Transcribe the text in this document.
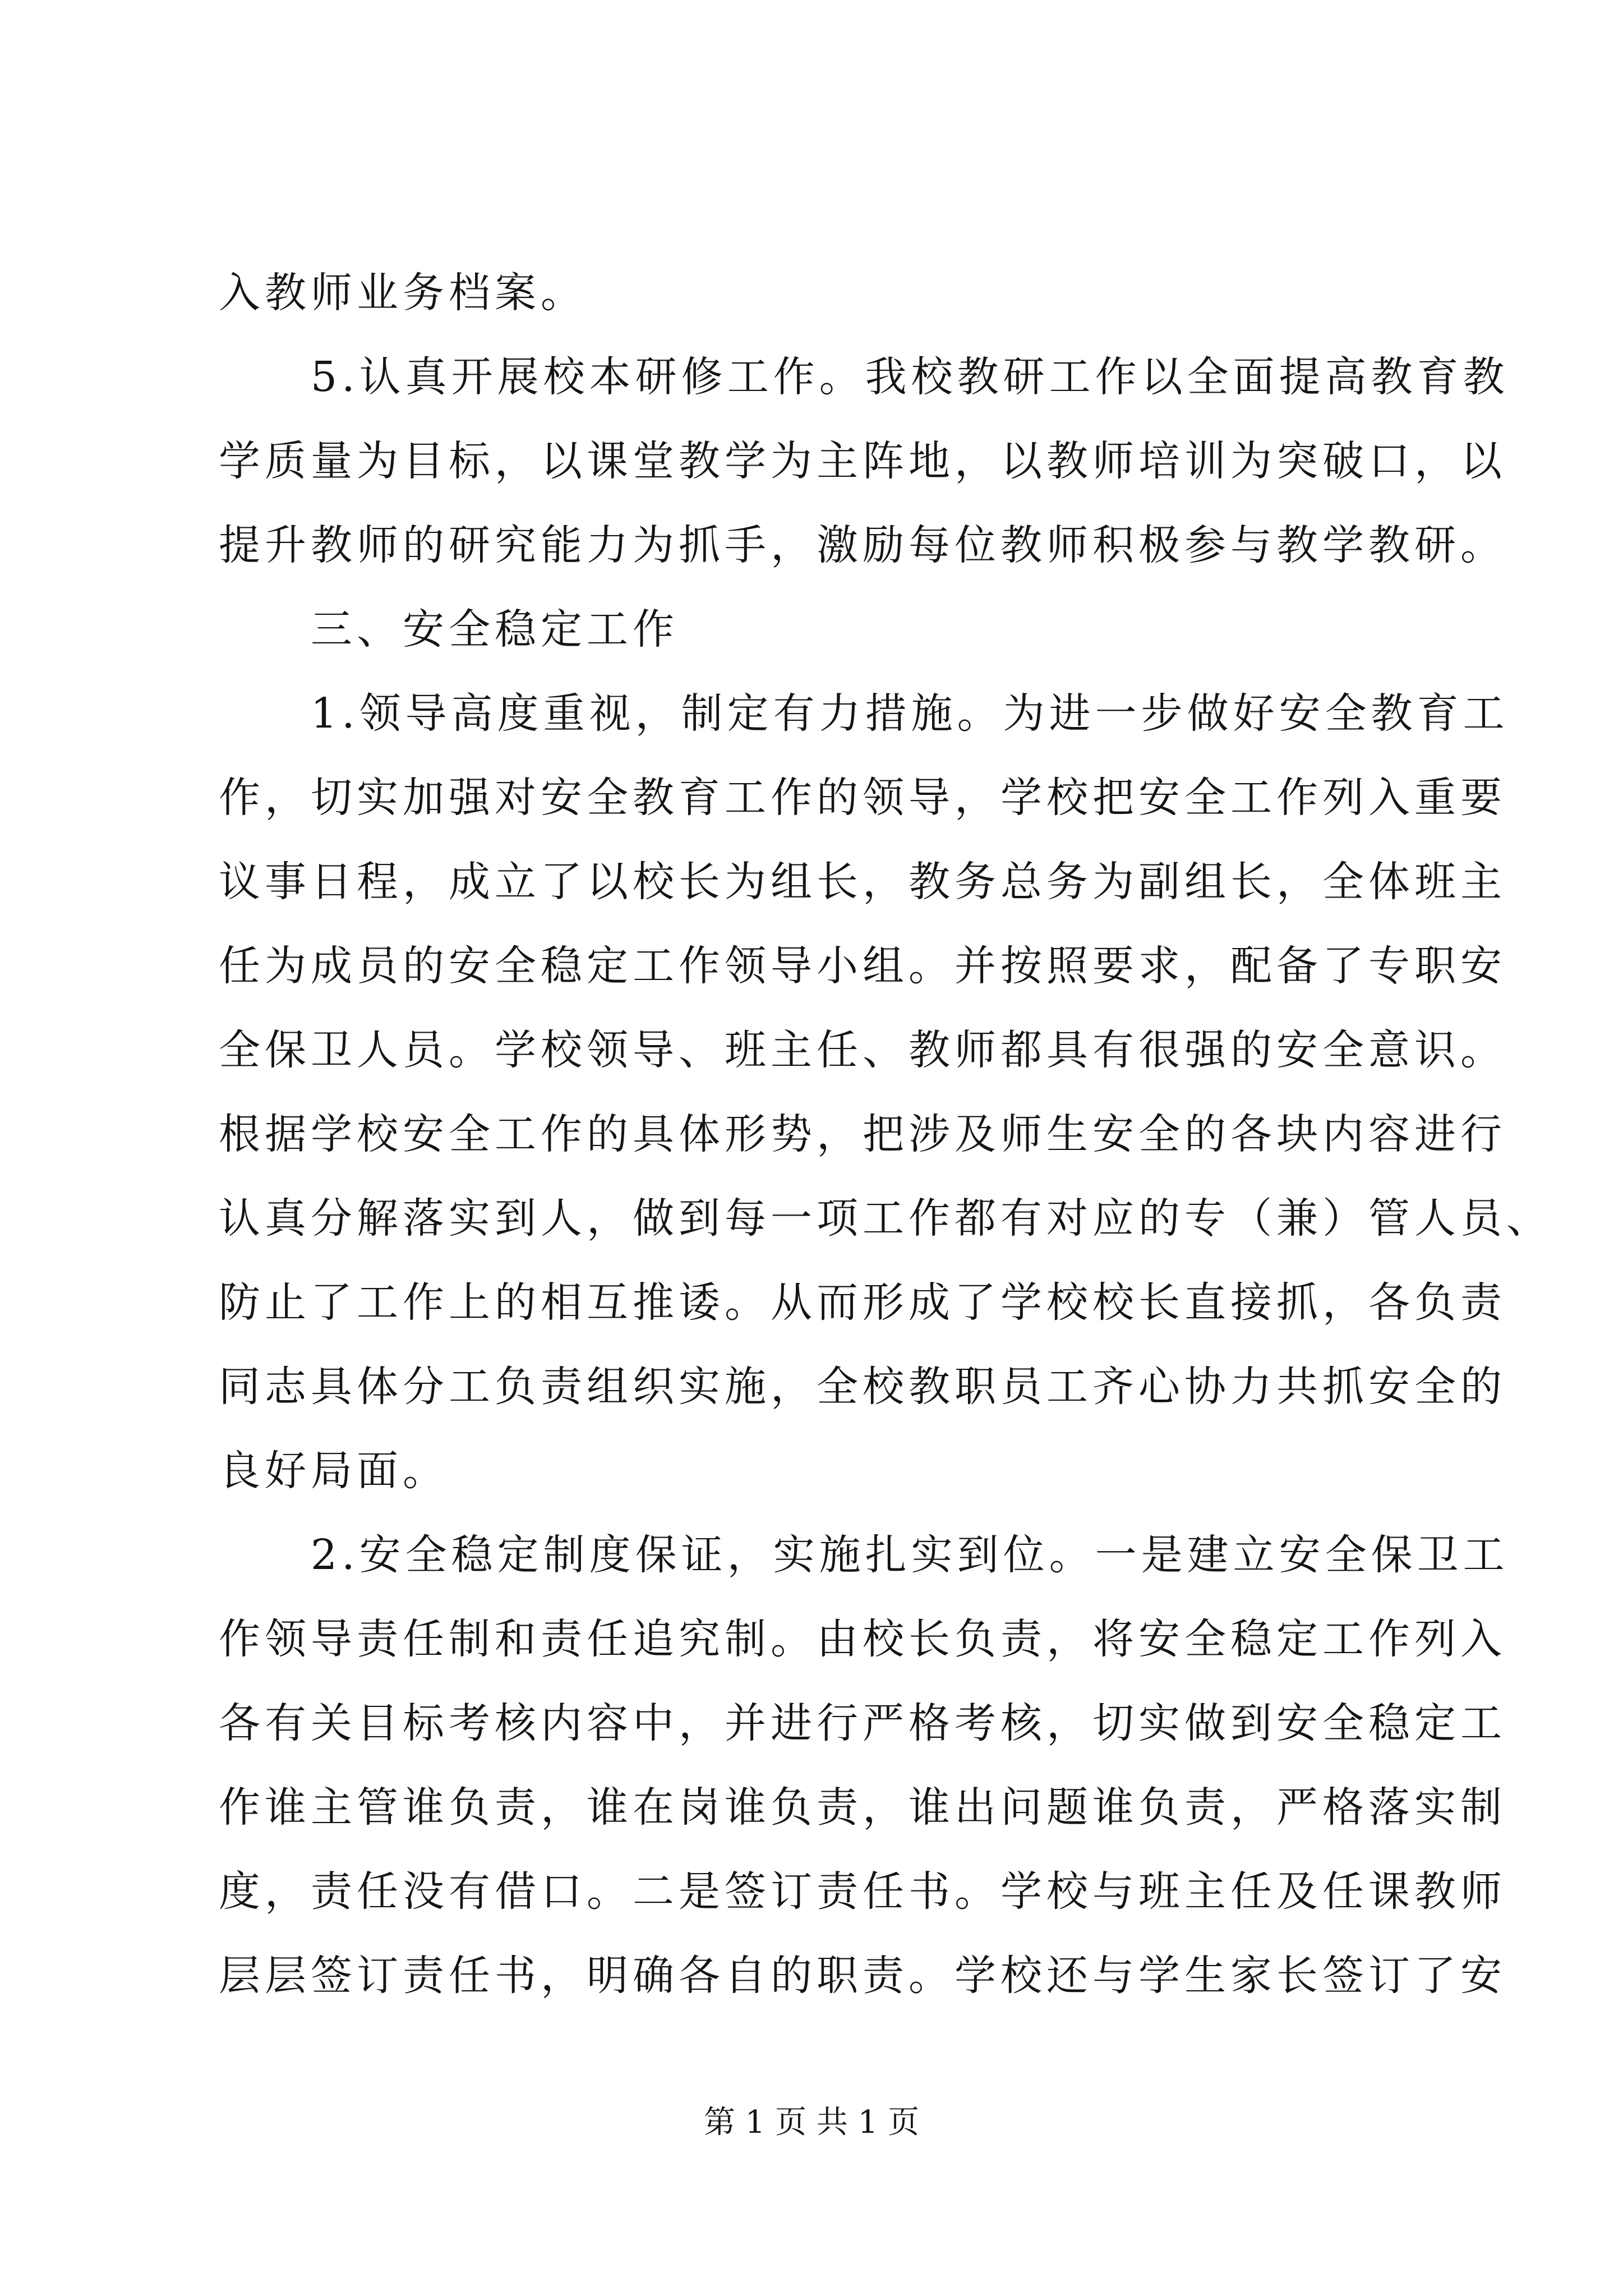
入教师业务档案。
　　5.认真开展校本研修工作。我校教研工作以全面提高教育教
学质量为目标，以课堂教学为主阵地，以教师培训为突破口，以
提升教师的研究能力为抓手，激励每位教师积极参与教学教研。
　　三、安全稳定工作
　　1.领导高度重视，制定有力措施。为进一步做好安全教育工
作，切实加强对安全教育工作的领导，学校把安全工作列入重要
议事日程，成立了以校长为组长，教务总务为副组长，全体班主
任为成员的安全稳定工作领导小组。并按照要求，配备了专职安
全保卫人员。学校领导、班主任、教师都具有很强的安全意识。
根据学校安全工作的具体形势，把涉及师生安全的各块内容进行
认真分解落实到人，做到每一项工作都有对应的专（兼）管人员、
防止了工作上的相互推诿。从而形成了学校校长直接抓，各负责
同志具体分工负责组织实施，全校教职员工齐心协力共抓安全的
良好局面。
　　2.安全稳定制度保证，实施扎实到位。一是建立安全保卫工
作领导责任制和责任追究制。由校长负责，将安全稳定工作列入
各有关目标考核内容中，并进行严格考核，切实做到安全稳定工
作谁主管谁负责，谁在岗谁负责，谁出问题谁负责，严格落实制
度，责任没有借口。二是签订责任书。学校与班主任及任课教师
层层签订责任书，明确各自的职责。学校还与学生家长签订了安
第 1 页 共 1 页
